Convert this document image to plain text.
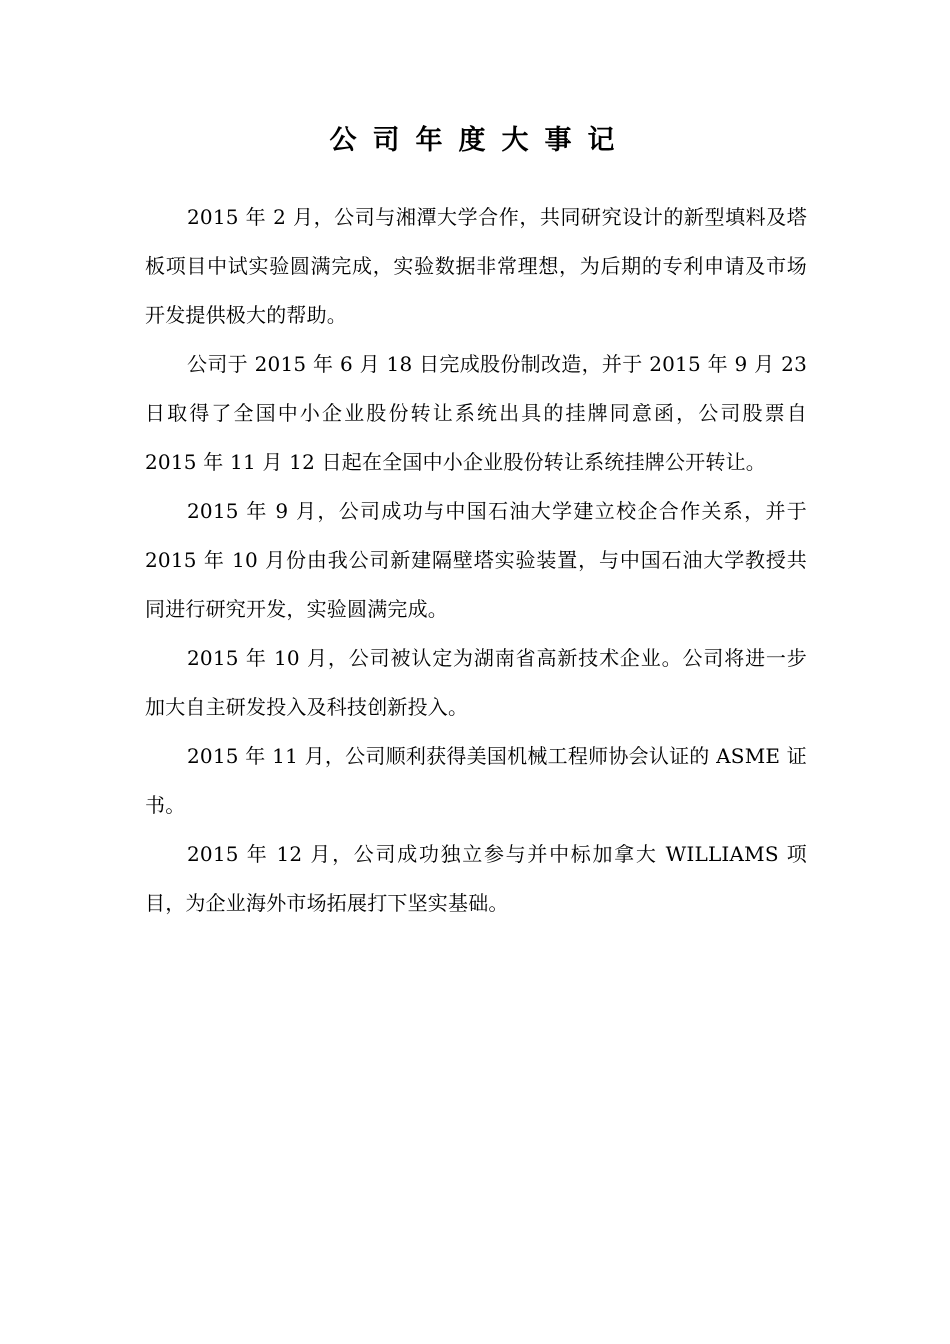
公司年度大事记

2015 年 2 月，公司与湘潭大学合作，共同研究设计的新型填料及塔板项目中试实验圆满完成，实验数据非常理想，为后期的专利申请及市场开发提供极大的帮助。

公司于 2015 年 6 月 18 日完成股份制改造，并于 2015 年 9 月 23 日取得了全国中小企业股份转让系统出具的挂牌同意函，公司股票自 2015 年 11 月 12 日起在全国中小企业股份转让系统挂牌公开转让。

2015 年 9 月，公司成功与中国石油大学建立校企合作关系，并于 2015 年 10 月份由我公司新建隔壁塔实验装置，与中国石油大学教授共同进行研究开发，实验圆满完成。

2015 年 10 月，公司被认定为湖南省高新技术企业。公司将进一步加大自主研发投入及科技创新投入。

2015 年 11 月，公司顺利获得美国机械工程师协会认证的 ASME 证书。

2015 年 12 月，公司成功独立参与并中标加拿大 WILLIAMS 项目，为企业海外市场拓展打下坚实基础。
